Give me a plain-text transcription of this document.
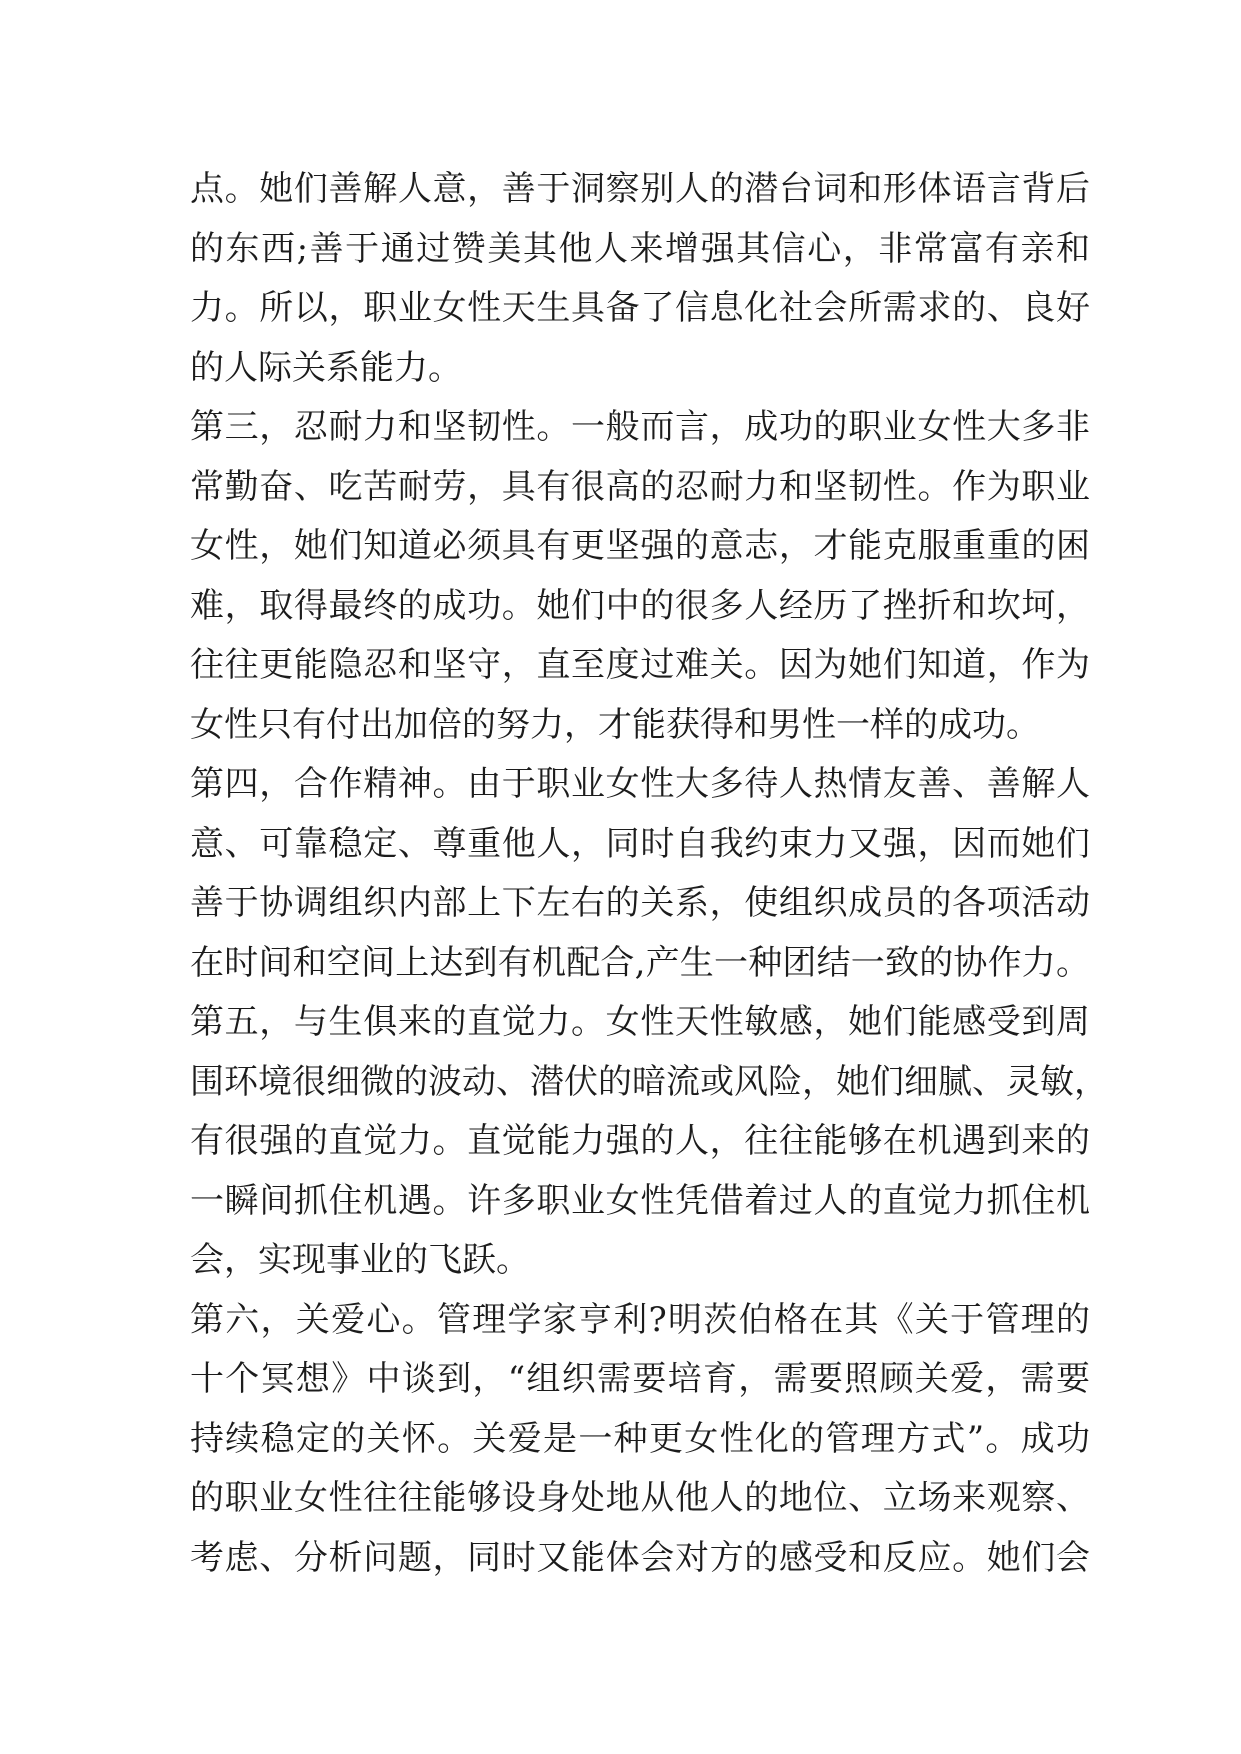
点。她们善解人意，善于洞察别人的潜台词和形体语言背后
的东西;善于通过赞美其他人来增强其信心，非常富有亲和
力。所以，职业女性天生具备了信息化社会所需求的、良好
的人际关系能力。
第三，忍耐力和坚韧性。一般而言，成功的职业女性大多非
常勤奋、吃苦耐劳，具有很高的忍耐力和坚韧性。作为职业
女性，她们知道必须具有更坚强的意志，才能克服重重的困
难，取得最终的成功。她们中的很多人经历了挫折和坎坷，
往往更能隐忍和坚守，直至度过难关。因为她们知道，作为
女性只有付出加倍的努力，才能获得和男性一样的成功。
第四，合作精神。由于职业女性大多待人热情友善、善解人
意、可靠稳定、尊重他人，同时自我约束力又强，因而她们
善于协调组织内部上下左右的关系，使组织成员的各项活动
在时间和空间上达到有机配合,产生一种团结一致的协作力。
第五，与生俱来的直觉力。女性天性敏感，她们能感受到周
围环境很细微的波动、潜伏的暗流或风险，她们细腻、灵敏，
有很强的直觉力。直觉能力强的人，往往能够在机遇到来的
一瞬间抓住机遇。许多职业女性凭借着过人的直觉力抓住机
会，实现事业的飞跃。
第六，关爱心。管理学家亨利?明茨伯格在其《关于管理的
十个冥想》中谈到，“组织需要培育，需要照顾关爱，需要
持续稳定的关怀。关爱是一种更女性化的管理方式”。成功
的职业女性往往能够设身处地从他人的地位、立场来观察、
考虑、分析问题，同时又能体会对方的感受和反应。她们会
